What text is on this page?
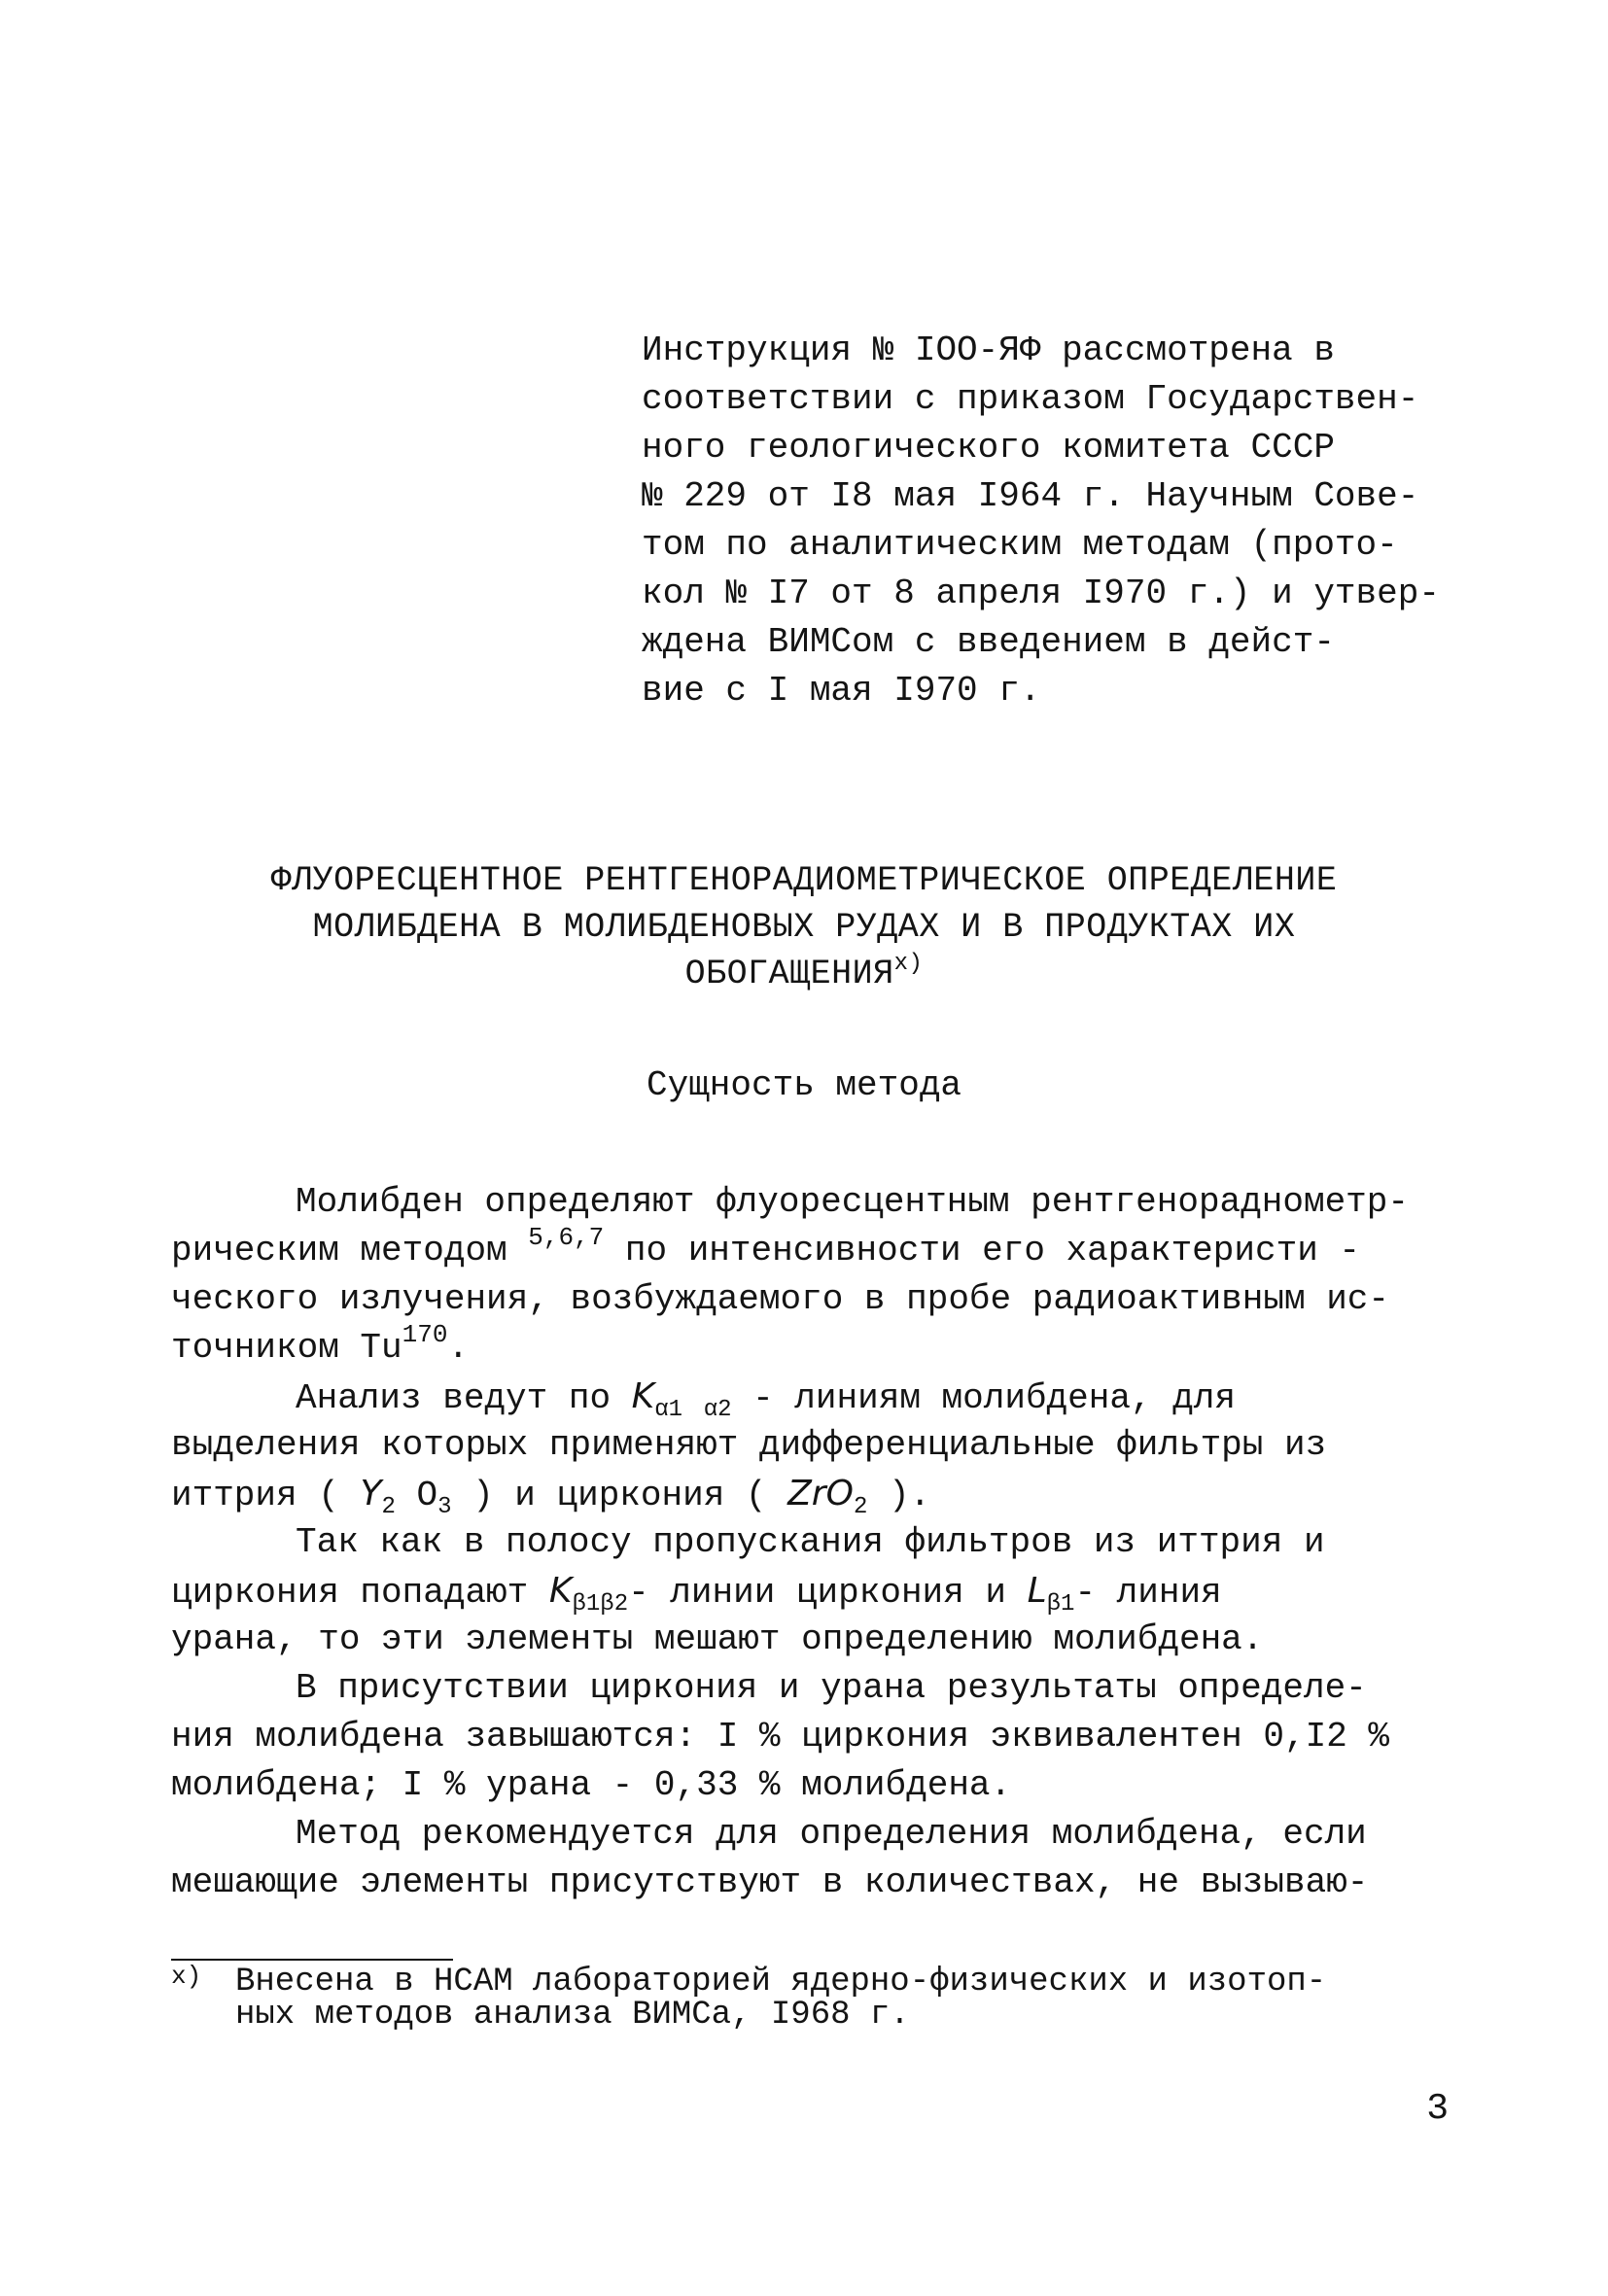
Инструкция № IOO-ЯФ рассмотрена в
соответствии с приказом Государствен-
ного геологического комитета СССР
№ 229 от I8 мая I964 г. Научным Сове-
том по аналитическим методам (прото-
кол № I7 от 8 апреля I970 г.) и утвер-
ждена ВИМСом с введением в дейст-
вие с I мая I970 г.
ФЛУОРЕСЦЕНТНОЕ РЕНТГЕНОРАДИОМЕТРИЧЕСКОЕ ОПРЕДЕЛЕНИЕ
МОЛИБДЕНА В МОЛИБДЕНОВЫХ РУДАХ И В ПРОДУКТАХ ИХ
ОБОГАЩЕНИЯ$^{x)}$
Сущность метода
Молибден определяют флуоресцентным рентгенораднометр-
рическим методом $^{5,6,7}$ по интенсивности его характеристи -
ческого излучения, возбуждаемого в пробе радиоактивным ис-
точником Tu$^{170}$.
Анализ ведут по $K_{\alpha 1}$ $_{\alpha 2}$ - линиям молибдена, для
выделения которых применяют дифференциальные фильтры из
иттрия ( $Y_2$ $O_3$ ) и циркония ( ZrO$_2$ ).
Так как в полосу пропускания фильтров из иттрия и
циркония попадают $K_{\beta 1\beta 2}-$ линии циркония и $L_{\beta 1}-$ линия
урана, то эти элементы мешают определению молибдена.
В присутствии циркония и урана результаты определе-
ния молибдена завышаются: I % циркония эквивалентен 0,I2 %
молибдена; I % урана - 0,33 % молибдена.
Метод рекомендуется для определения молибдена, если
мешающие элементы присутствуют в количествах, не вызываю-
x) Внесена в НСАМ лабораторией ядерно-физических и изотоп-
ных методов анализа ВИМСа, I968 г.
3
